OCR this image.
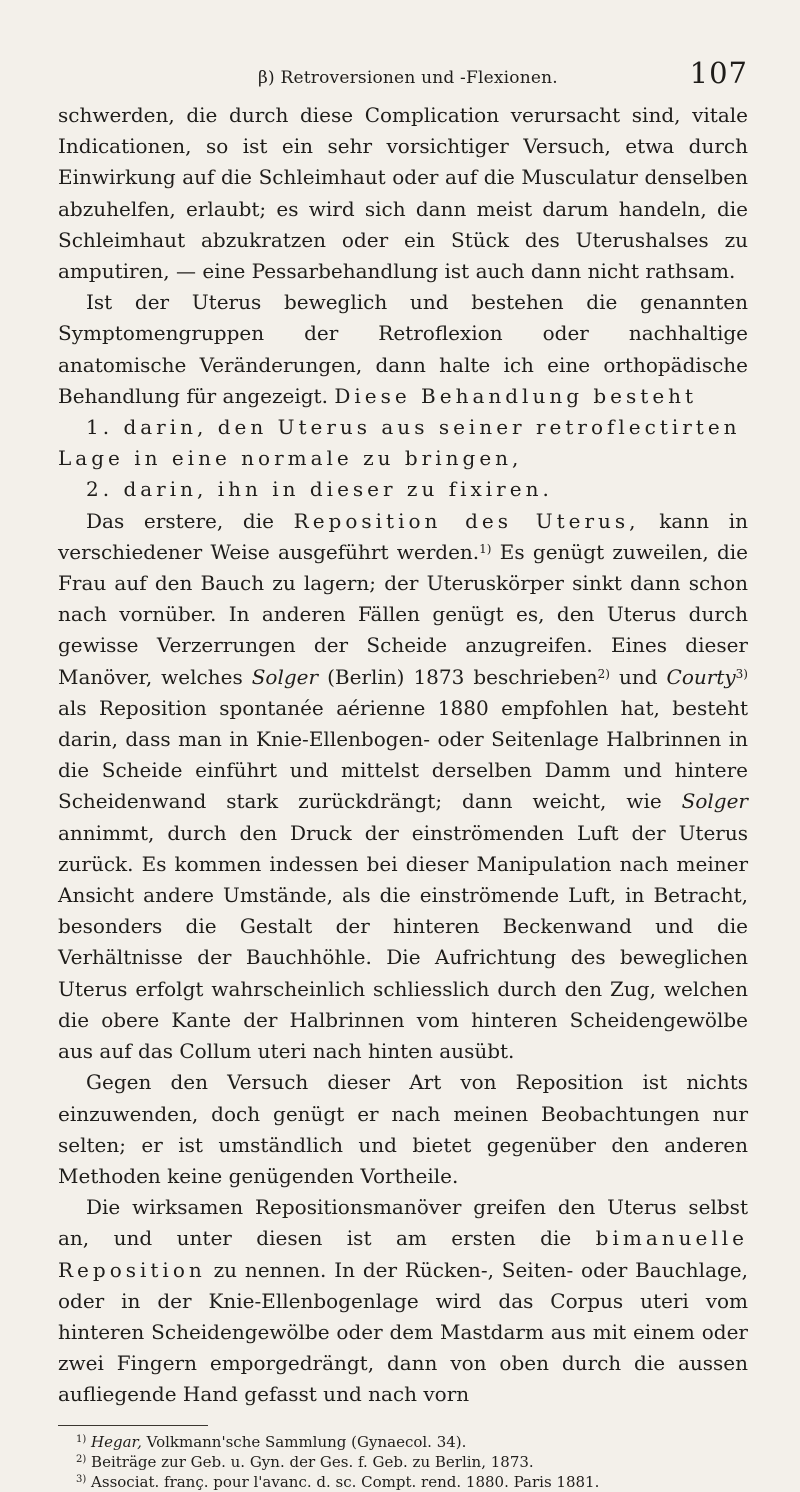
β) Retroversionen und -Flexionen.	107

schwerden, die durch diese Complication verursacht sind, vitale Indicationen, so ist ein sehr vorsichtiger Versuch, etwa durch Einwirkung auf die Schleimhaut oder auf die Musculatur denselben abzuhelfen, erlaubt; es wird sich dann meist darum handeln, die Schleimhaut abzukratzen oder ein Stück des Uterushalses zu amputiren, — eine Pessarbehandlung ist auch dann nicht rathsam.

Ist der Uterus beweglich und bestehen die genannten Symptomengruppen der Retroflexion oder nachhaltige anatomische Veränderungen, dann halte ich eine orthopädische Behandlung für angezeigt. Diese Behandlung besteht

1. darin, den Uterus aus seiner retroflectirten Lage in eine normale zu bringen,

2. darin, ihn in dieser zu fixiren.

Das erstere, die Reposition des Uterus, kann in verschiedener Weise ausgeführt werden.$^{1)}$ Es genügt zuweilen, die Frau auf den Bauch zu lagern; der Uteruskörper sinkt dann schon nach vornüber. In anderen Fällen genügt es, den Uterus durch gewisse Verzerrungen der Scheide anzugreifen. Eines dieser Manöver, welches Solger (Berlin) 1873 beschrieben$^{2)}$ und Courty$^{3)}$ als Reposition spontanée aérienne 1880 empfohlen hat, besteht darin, dass man in Knie-Ellenbogen- oder Seitenlage Halbrinnen in die Scheide einführt und mittelst derselben Damm und hintere Scheidenwand stark zurückdrängt; dann weicht, wie Solger annimmt, durch den Druck der einströmenden Luft der Uterus zurück. Es kommen indessen bei dieser Manipulation nach meiner Ansicht andere Umstände, als die einströmende Luft, in Betracht, besonders die Gestalt der hinteren Beckenwand und die Verhältnisse der Bauchhöhle. Die Aufrichtung des beweglichen Uterus erfolgt wahrscheinlich schliesslich durch den Zug, welchen die obere Kante der Halbrinnen vom hinteren Scheidengewölbe aus auf das Collum uteri nach hinten ausübt.

Gegen den Versuch dieser Art von Reposition ist nichts einzuwenden, doch genügt er nach meinen Beobachtungen nur selten; er ist umständlich und bietet gegenüber den anderen Methoden keine genügenden Vortheile.

Die wirksamen Repositionsmanöver greifen den Uterus selbst an, und unter diesen ist am ersten die bimanuelle Reposition zu nennen. In der Rücken-, Seiten- oder Bauchlage, oder in der Knie-Ellenbogenlage wird das Corpus uteri vom hinteren Scheidengewölbe oder dem Mastdarm aus mit einem oder zwei Fingern emporgedrängt, dann von oben durch die aussen aufliegende Hand gefasst und nach vorn

$^{1)}$ Hegar, Volkmann'sche Sammlung (Gynaecol. 34).

$^{2)}$ Beiträge zur Geb. u. Gyn. der Ges. f. Geb. zu Berlin, 1873.

$^{3)}$ Associat. franç. pour l'avanc. d. sc. Compt. rend. 1880. Paris 1881.
